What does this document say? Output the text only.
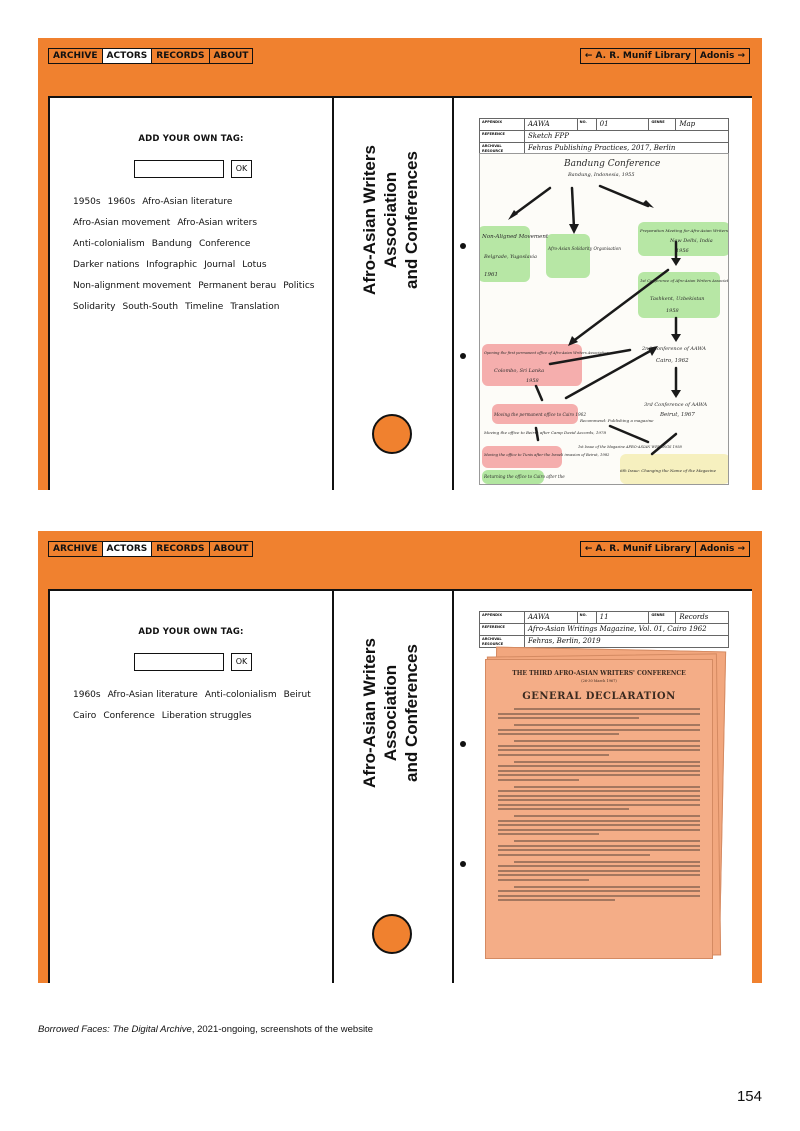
ARCHIVE	ACTORS	RECORDS	ABOUT	← A. R. Munif Library	Adonis →
ADD YOUR OWN TAG:
OK
1950s 1960s Afro-Asian literature
Afro-Asian movement Afro-Asian writers
Anti-colonialism Bandung Conference
Darker nations Infographic Journal Lotus
Non-alignment movement Permanent berau Politics
Solidarity South-South Timeline Translation
Afro-Asian Writers Association and Conferences
APPENDIX	AAWA	NO.	01	GENRE	Map
REFERENCE	Sketch FPP
ARCHIVAL RESOURCE	Fehras Publishing Practices, 2017, Berlin
Bandung Conference
Bandung, Indonesia, 1955
Non-Aligned Movement
Belgrade, Yugoslavia
1961
Afro-Asian Solidarity Organisation
Preparation Meeting for Afro-Asian Writers
New Delhi, India
1956
1st Conference of Afro-Asian Writers Association
Tashkent, Uzbekistan
1958
Opening the first permanent office of Afro-Asian Writers Association
Colombo, Sri Lanka
1958
2nd Conference of AAWA
Cairo, 1962
Moving the permanent office to Cairo 1962
Recommend: Publishing a magazine
3rd Conference of AAWA
Beirut, 1967
Moving the office to Beirut after Camp David Accords, 1978
Moving the office to Tunis after the Israeli invasion of Beirut, 1982
Returning the office to Cairo after the
1st Issue of the Magazine AFRO-ASIAN WRITINGS 1958
6th Issue: Changing the Name of the Magazine
ARCHIVE	ACTORS	RECORDS	ABOUT	← A. R. Munif Library	Adonis →
ADD YOUR OWN TAG:
OK
1960s Afro-Asian literature Anti-colonialism Beirut
Cairo Conference Liberation struggles	Afro-Asian Writers Association and Conferences
APPENDIX	AAWA	NO.	11	GENRE	Records
REFERENCE	Afro-Asian Writings Magazine, Vol. 01, Cairo 1962
ARCHIVAL RESOURCE	Fehras, Berlin, 2019
THE THIRD AFRO-ASIAN WRITERS' CONFERENCE
(26-30 March 1967)
GENERAL DECLARATION
Borrowed Faces: The Digital Archive, 2021-ongoing, screenshots of the website
154
